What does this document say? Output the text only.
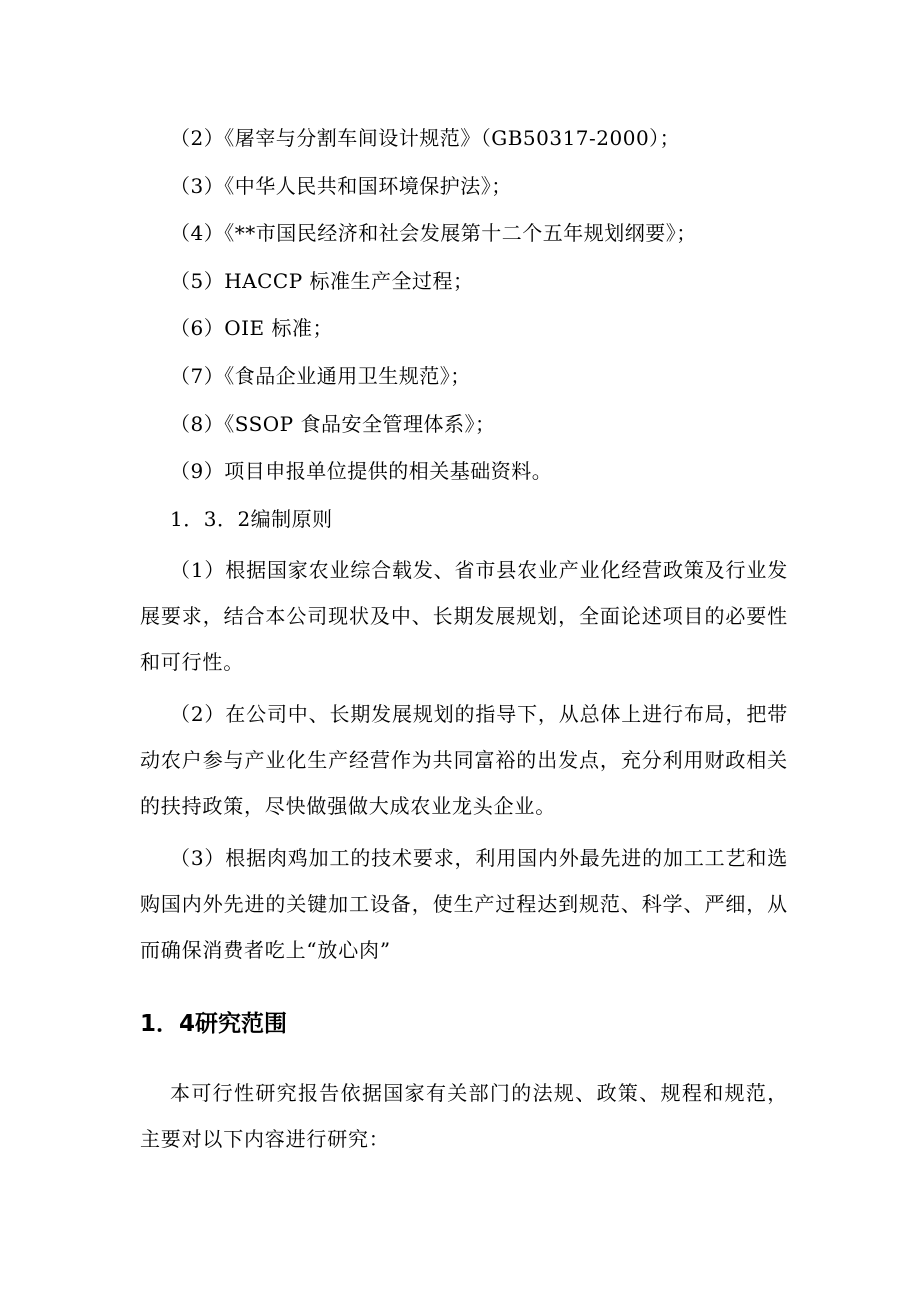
（2）《屠宰与分割车间设计规范》（GB50317-2000）；
（3）《中华人民共和国环境保护法》；
（4）《**市国民经济和社会发展第十二个五年规划纲要》；
（5）HACCP 标准生产全过程；
（6）OIE 标准；
（7）《食品企业通用卫生规范》；
（8）《SSOP 食品安全管理体系》；
（9）项目申报单位提供的相关基础资料。
1．3．2编制原则
（1）根据国家农业综合载发、省市县农业产业化经营政策及行业发展要求，结合本公司现状及中、长期发展规划，全面论述项目的必要性和可行性。
（2）在公司中、长期发展规划的指导下，从总体上进行布局，把带动农户参与产业化生产经营作为共同富裕的出发点，充分利用财政相关的扶持政策，尽快做强做大成农业龙头企业。
（3）根据肉鸡加工的技术要求，利用国内外最先进的加工工艺和选购国内外先进的关键加工设备，使生产过程达到规范、科学、严细，从而确保消费者吃上“放心肉”
1．4研究范围
本可行性研究报告依据国家有关部门的法规、政策、规程和规范，主要对以下内容进行研究：
